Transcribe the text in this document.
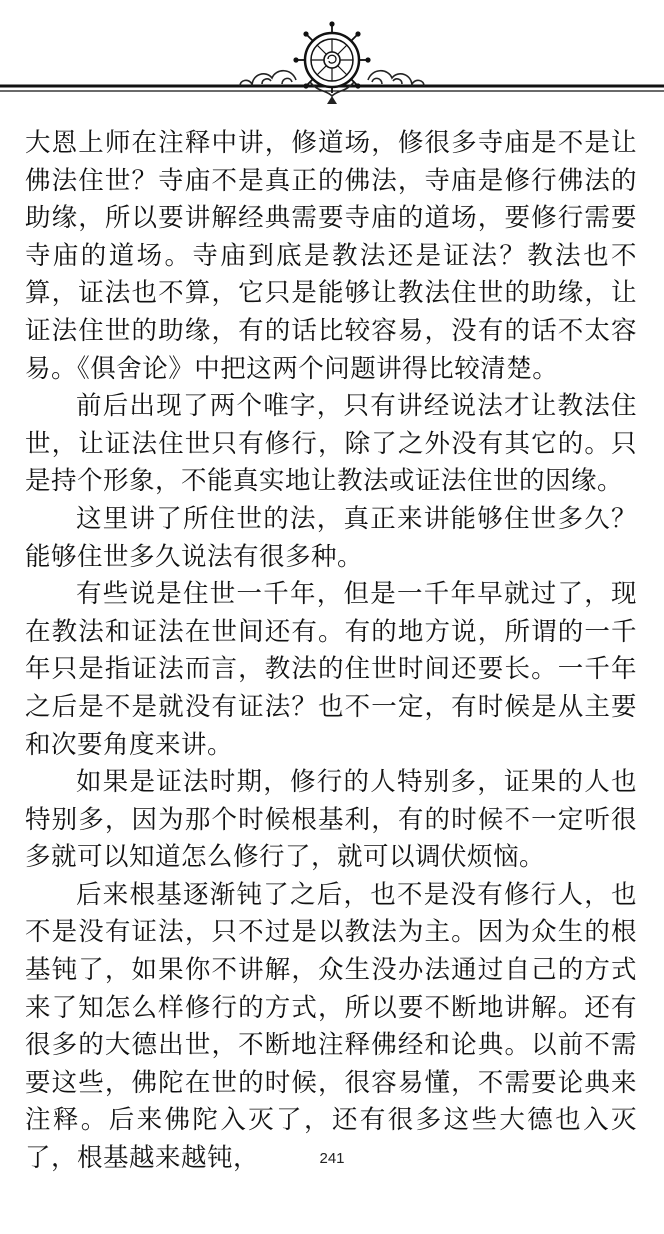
大恩上师在注释中讲，修道场，修很多寺庙是不是让佛法住世？寺庙不是真正的佛法，寺庙是修行佛法的助缘，所以要讲解经典需要寺庙的道场，要修行需要寺庙的道场。寺庙到底是教法还是证法？教法也不算，证法也不算，它只是能够让教法住世的助缘，让证法住世的助缘，有的话比较容易，没有的话不太容易。《俱舍论》中把这两个问题讲得比较清楚。

前后出现了两个唯字，只有讲经说法才让教法住世，让证法住世只有修行，除了之外没有其它的。只是持个形象，不能真实地让教法或证法住世的因缘。

这里讲了所住世的法，真正来讲能够住世多久？能够住世多久说法有很多种。

有些说是住世一千年，但是一千年早就过了，现在教法和证法在世间还有。有的地方说，所谓的一千年只是指证法而言，教法的住世时间还要长。一千年之后是不是就没有证法？也不一定，有时候是从主要和次要角度来讲。

如果是证法时期，修行的人特别多，证果的人也特别多，因为那个时候根基利，有的时候不一定听很多就可以知道怎么修行了，就可以调伏烦恼。

后来根基逐渐钝了之后，也不是没有修行人，也不是没有证法，只不过是以教法为主。因为众生的根基钝了，如果你不讲解，众生没办法通过自己的方式来了知怎么样修行的方式，所以要不断地讲解。还有很多的大德出世，不断地注释佛经和论典。以前不需要这些，佛陀在世的时候，很容易懂，不需要论典来注释。后来佛陀入灭了，还有很多这些大德也入灭了，根基越来越钝，	241
